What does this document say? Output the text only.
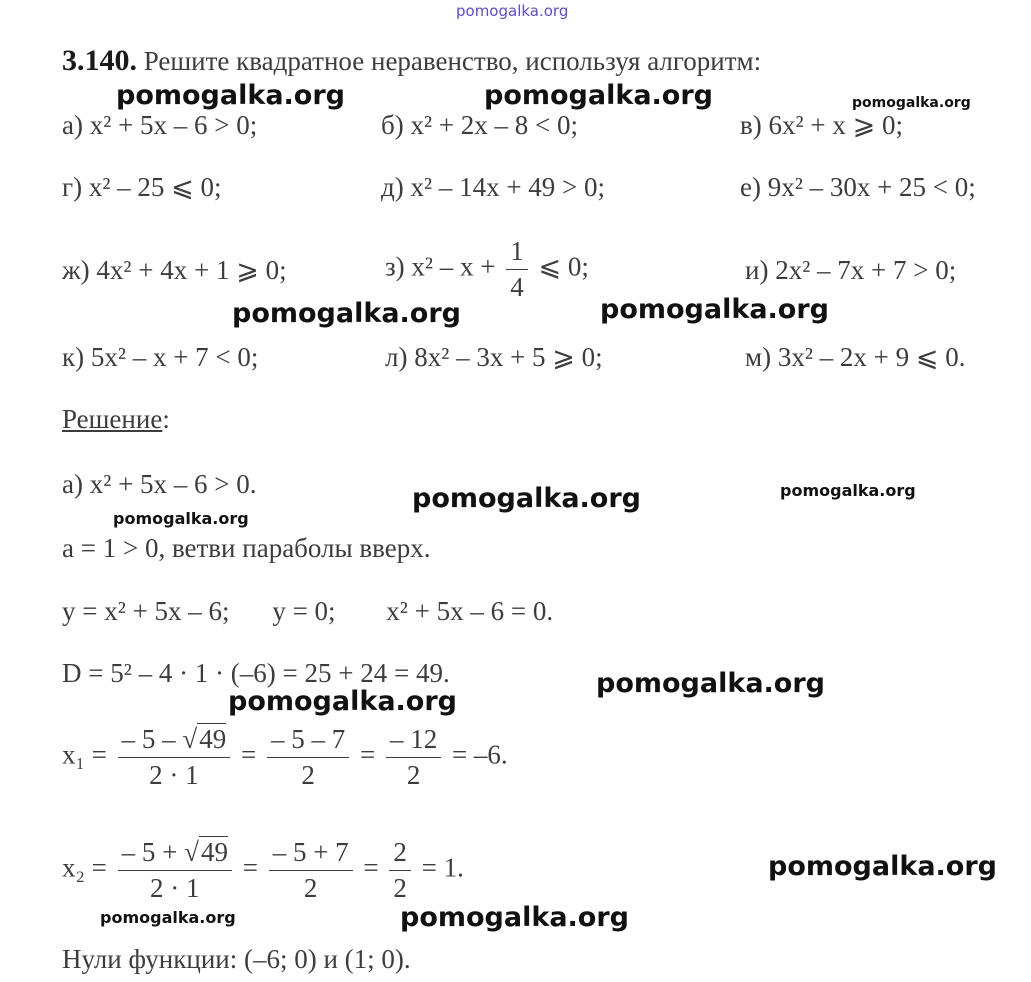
pomogalka.org
3.140. Решите квадратное неравенство, используя алгоритм:
а) x² + 5x – 6 > 0;	б) x² + 2x – 8 < 0;	в) 6x² + x ⩾ 0;
г) x² – 25 ⩽ 0;	д) x² – 14x + 49 > 0;	е) 9x² – 30x + 25 < 0;
ж) 4x² + 4x + 1 ⩾ 0;	з) $x^2 - x + \frac{1}{4}$ ⩽ 0;	и) 2x² – 7x + 7 > 0;
к) 5x² – x + 7 < 0;	л) 8x² – 3x + 5 ⩾ 0;	м) 3x² – 2x + 9 ⩽ 0.
Решение:
а) x² + 5x – 6 > 0.
a = 1 > 0, ветви параболы вверх.
y = x² + 5x – 6; y = 0; x² + 5x – 6 = 0.
D = 5² – 4 · 1 · (–6) = 25 + 24 = 49.
$x_1 = \frac{- 5 - √49}{2 \cdot 1} = \frac{- 5 - 7}{2} = \frac{- 12}{2} = -6$.
$x_2 = \frac{- 5 + √49}{2 \cdot 1} = \frac{- 5 + 7}{2} = \frac{2}{2} = 1$.
Нули функции: (–6; 0) и (1; 0).
pomogalka.org	pomogalka.org	pomogalka.org
pomogalka.org	pomogalka.org
pomogalka.org	pomogalka.org
pomogalka.org
pomogalka.org
pomogalka.org
pomogalka.org
pomogalka.org	pomogalka.org
